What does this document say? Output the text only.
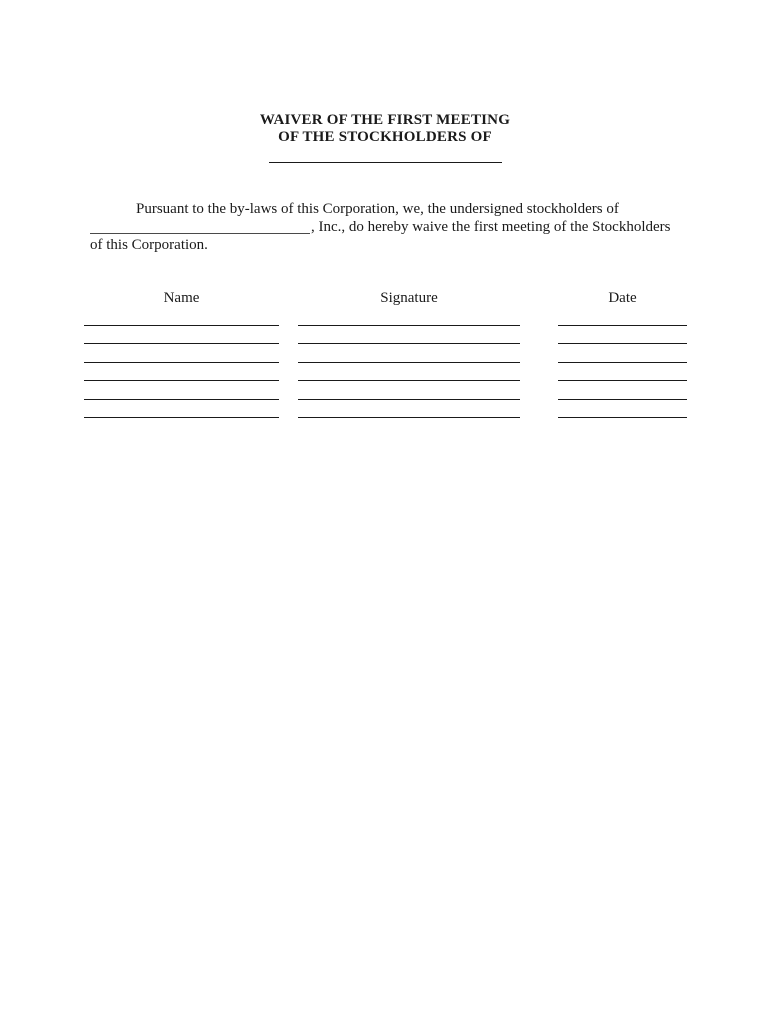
WAIVER OF THE FIRST MEETING
OF THE STOCKHOLDERS OF
Pursuant to the by-laws of this Corporation, we, the undersigned stockholders of
, Inc., do hereby waive the first meeting of the Stockholders
of this Corporation.
Name	Signature	Date
